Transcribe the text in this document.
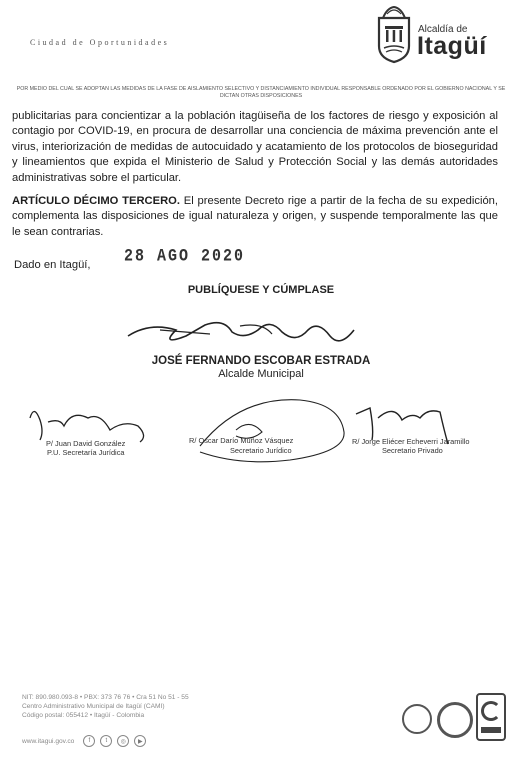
Ciudad de Oportunidades
Alcaldía de
Itagüí
POR MEDIO DEL CUAL SE ADOPTAN LAS MEDIDAS DE LA FASE DE AISLAMIENTO SELECTIVO Y DISTANCIAMIENTO INDIVIDUAL RESPONSABLE ORDENADO POR EL GOBIERNO NACIONAL Y SE DICTAN OTRAS DISPOSICIONES
publicitarias para concientizar a la población itagüiseña de los factores de riesgo y exposición al contagio por COVID-19, en procura de desarrollar una conciencia de máxima prevención ante el virus, interiorización de medidas de autocuidado y acatamiento de los protocolos de bioseguridad y lineamientos que expida el Ministerio de Salud y Protección Social y las demás autoridades administrativas sobre el particular.
ARTÍCULO DÉCIMO TERCERO. El presente Decreto rige a partir de la fecha de su expedición, complementa las disposiciones de igual naturaleza y origen, y suspende temporalmente las que le sean contrarias.
Dado en Itagüí, 28 AGO 2020
PUBLÍQUESE Y CÚMPLASE
JOSÉ FERNANDO ESCOBAR ESTRADA
Alcalde Municipal
P/ Juan David González
P.U. Secretaría Jurídica
R/ Oscar Darío Muñoz Vásquez
Secretario Jurídico
R/ Jorge Eliécer Echeverri Jaramillo
Secretario Privado
NIT: 890.980.093-8 • PBX: 373 76 76 • Cra 51 No 51 - 55
Centro Administrativo Municipal de Itagüí (CAMI)
Código postal: 055412 • Itagüí - Colombia
www.itagui.gov.co	f	t	◎	▶
